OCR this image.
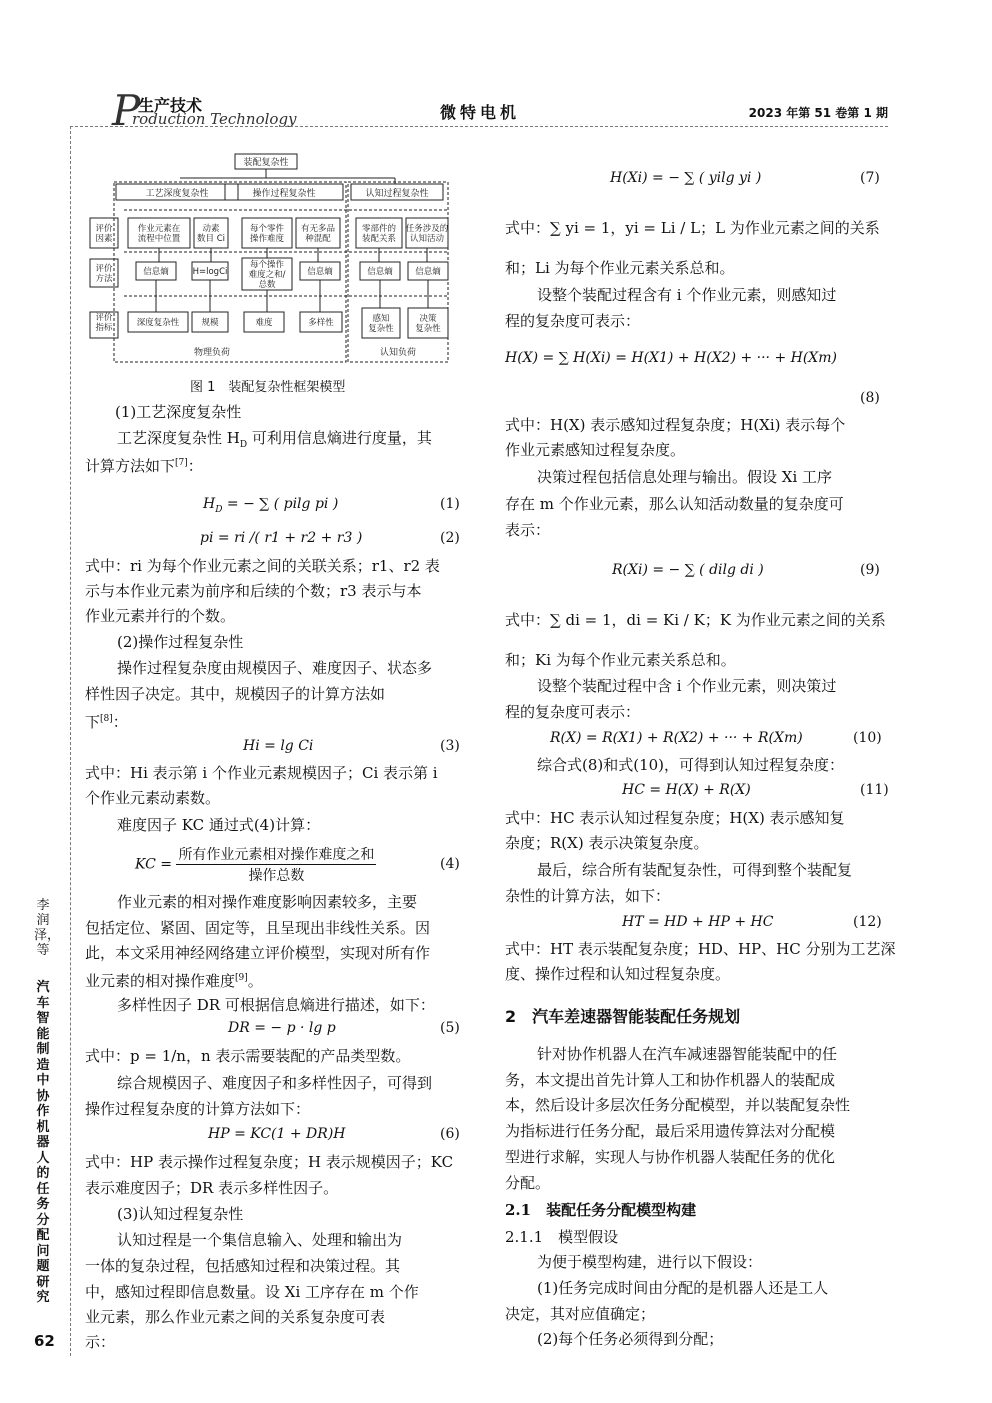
P
生产技术
roduction Technology	微特电机	2023 年第 51 卷第 1 期
李润泽，等
汽车智能制造中协作机器人的任务分配问题研究
62
装配复杂性
工艺深度复杂性	操作过程复杂性	认知过程复杂性
物理负荷	认知负荷
评价因素
评价方法
评价指标
作业元素在流程中位置
动素数目 Ci
每个零件操作难度
有无多品种混配
零部件的装配关系
任务涉及的认知活动
信息熵	H=logCi
每个操作难度之和/总数
信息熵	信息熵	信息熵
深度复杂性	规模	难度	多样性	感知复杂性
决策复杂性
图 1　装配复杂性框架模型
(1)工艺深度复杂性
工艺深度复杂性 $H_D$ 可利用信息熵进行度量，其
计算方法如下[7]：
$H_D$ = − ∑ ( pilg pi )	(1)
pi = ri /( r1 + r2 + r3 )	(2)
式中：ri 为每个作业元素之间的关联关系；r1、r2 表
示与本作业元素为前序和后续的个数；r3 表示与本
作业元素并行的个数。
(2)操作过程复杂性
操作过程复杂度由规模因子、难度因子、状态多
样性因子决定。其中，规模因子的计算方法如
下[8]：
Hi = lg Ci	(3)
式中：Hi 表示第 i 个作业元素规模因子；Ci 表示第 i
个作业元素动素数。
难度因子 KC 通过式(4)计算：
KC = $\frac{\text{所有作业元素相对操作难度之和}}{\text{操作总数}}$	(4)
作业元素的相对操作难度影响因素较多，主要
包括定位、紧固、固定等，且呈现出非线性关系。因
此，本文采用神经网络建立评价模型，实现对所有作
业元素的相对操作难度[9]。
多样性因子 DR 可根据信息熵进行描述，如下：
DR = − p · lg p	(5)
式中：p = 1/n，n 表示需要装配的产品类型数。
综合规模因子、难度因子和多样性因子，可得到
操作过程复杂度的计算方法如下：
HP = KC(1 + DR)H	(6)
式中：HP 表示操作过程复杂度；H 表示规模因子；KC
表示难度因子；DR 表示多样性因子。
(3)认知过程复杂性
认知过程是一个集信息输入、处理和输出为
一体的复杂过程，包括感知过程和决策过程。其
中，感知过程即信息数量。设 Xi 工序存在 m 个作
业元素，那么作业元素之间的关系复杂度可表
示：
H(Xi) = − ∑ ( yilg yi )	(7)
式中：∑ yi = 1，yi = Li / L；L 为作业元素之间的关系
和；Li 为每个作业元素关系总和。
设整个装配过程含有 i 个作业元素，则感知过
程的复杂度可表示：
H(X) = ∑ H(Xi) = H(X1) + H(X2) + ··· + H(Xm)
(8)
式中：H(X) 表示感知过程复杂度；H(Xi) 表示每个
作业元素感知过程复杂度。
决策过程包括信息处理与输出。假设 Xi 工序
存在 m 个作业元素，那么认知活动数量的复杂度可
表示：
R(Xi) = − ∑ ( dilg di )	(9)
式中：∑ di = 1，di = Ki / K；K 为作业元素之间的关系
和；Ki 为每个作业元素关系总和。
设整个装配过程中含 i 个作业元素，则决策过
程的复杂度可表示：
R(X) = R(X1) + R(X2) + ··· + R(Xm)	(10)
综合式(8)和式(10)，可得到认知过程复杂度：
HC = H(X) + R(X)	(11)
式中：HC 表示认知过程复杂度；H(X) 表示感知复
杂度；R(X) 表示决策复杂度。
最后，综合所有装配复杂性，可得到整个装配复
杂性的计算方法，如下：
HT = HD + HP + HC	(12)
式中：HT 表示装配复杂度；HD、HP、HC 分别为工艺深
度、操作过程和认知过程复杂度。
2　汽车差速器智能装配任务规划
针对协作机器人在汽车减速器智能装配中的任
务，本文提出首先计算人工和协作机器人的装配成
本，然后设计多层次任务分配模型，并以装配复杂性
为指标进行任务分配，最后采用遗传算法对分配模
型进行求解，实现人与协作机器人装配任务的优化
分配。
2.1　装配任务分配模型构建
2.1.1　模型假设
为便于模型构建，进行以下假设：
(1)任务完成时间由分配的是机器人还是工人
决定，其对应值确定；
(2)每个任务必须得到分配；
